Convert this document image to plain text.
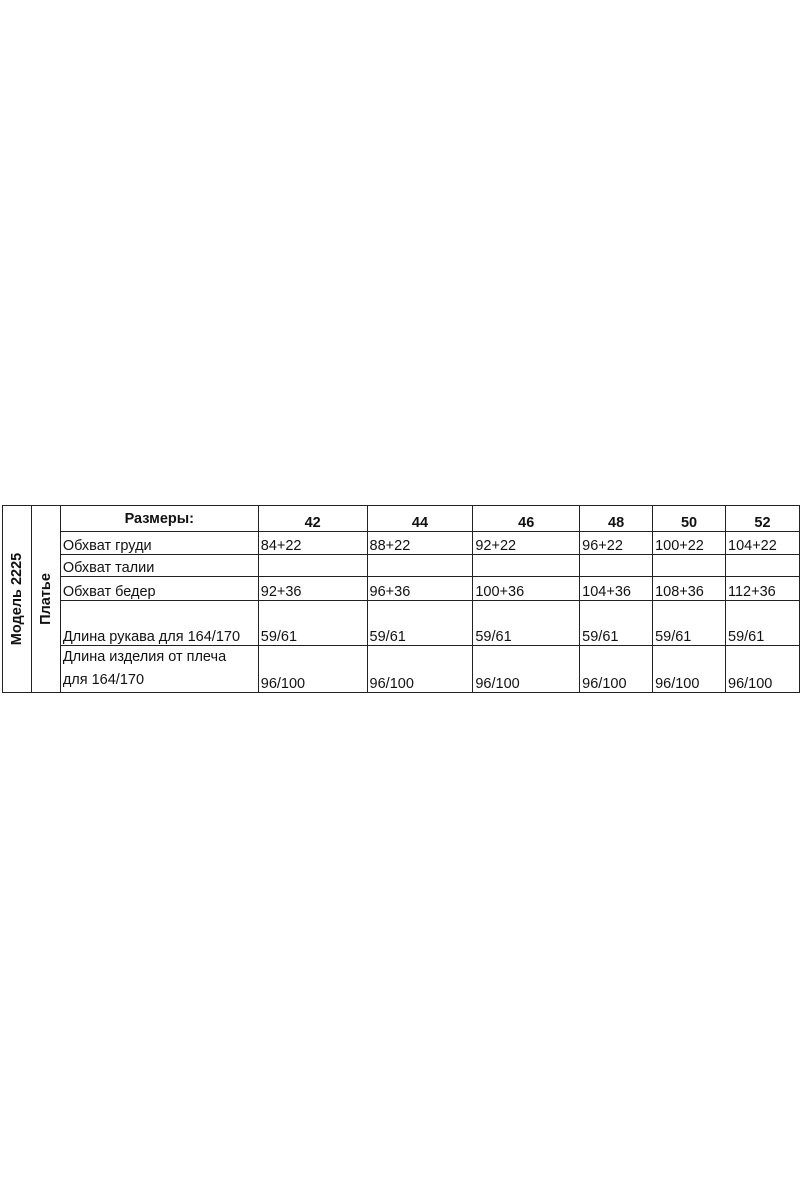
Модель 2225	Платье	Размеры:	42	44	46	48	50	52
		Обхват груди	84+22	88+22	92+22	96+22	100+22	104+22
		Обхват талии						
		Обхват бедер	92+36	96+36	100+36	104+36	108+36	112+36
		Длина рукава для 164/170	59/61	59/61	59/61	59/61	59/61	59/61

		Длина изделия от плеча
для 164/170	96/100	96/100	96/100	96/100	96/100	96/100
